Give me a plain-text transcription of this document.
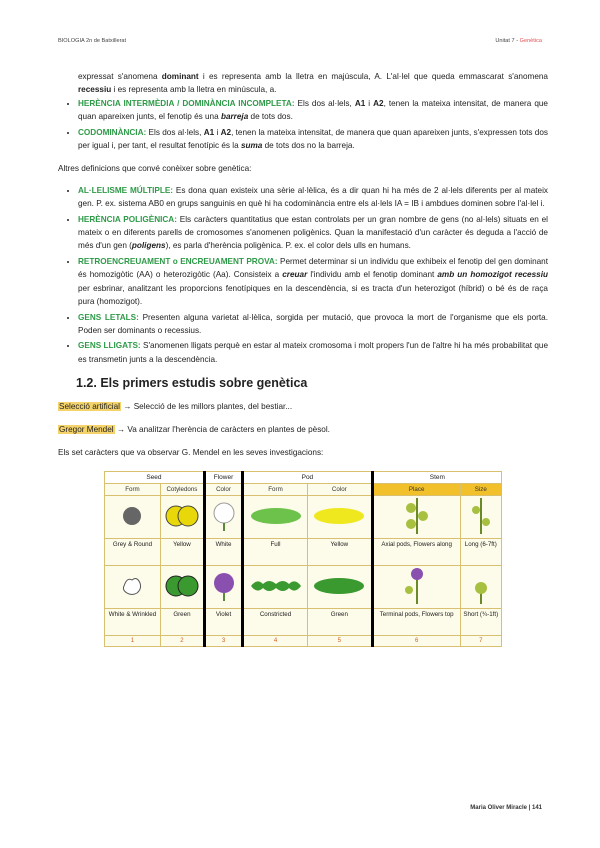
BIOLOGIA 2n de Batxillerat	Unitat 7 - Genètica

expressat s'anomena dominant i es representa amb la lletra en majúscula, A. L'al·lel que queda emmascarat s'anomena recessiu i es representa amb la lletra en minúscula, a.

• HERÈNCIA INTERMÈDIA / DOMINÀNCIA INCOMPLETA: Els dos al·lels, A1 i A2, tenen la mateixa intensitat, de manera que quan apareixen junts, el fenotip és una barreja de tots dos.
• CODOMINÀNCIA: Els dos al·lels, A1 i A2, tenen la mateixa intensitat, de manera que quan apareixen junts, s'expressen tots dos per igual i, per tant, el resultat fenotípic és la suma de tots dos no la barreja.

Altres definicions que convé conèixer sobre genètica:

• AL·LELISME MÚLTIPLE: Es dona quan existeix una sèrie al·lèlica, és a dir quan hi ha més de 2 al·lels diferents per al mateix gen. P. ex. sistema AB0 en grups sanguinis en què hi ha codominància entre els al·lels IA = IB i ambdues dominen sobre l'al·lel i.
• HERÈNCIA POLIGÈNICA: Els caràcters quantitatius que estan controlats per un gran nombre de gens (no al·lels) situats en el mateix o en diferents parells de cromosomes s'anomenen poligènics. Quan la manifestació d'un caràcter és deguda a l'acció de més d'un gen (poligens), es parla d'herència poligènica. P. ex. el color dels ulls en humans.
• RETROENCREUAMENT o ENCREUAMENT PROVA: Permet determinar si un individu que exhibeix el fenotip del gen dominant és homozigòtic (AA) o heterozigòtic (Aa). Consisteix a creuar l'individu amb el fenotip dominant amb un homozigot recessiu per esbrinar, analitzant les proporcions fenotípiques en la descendència, si es tracta d'un heterozigot (híbrid) o bé és de raça pura (homozigot).
• GENS LETALS: Presenten alguna varietat al·lèlica, sorgida per mutació, que provoca la mort de l'organisme que els porta. Poden ser dominants o recessius.
• GENS LLIGATS: S'anomenen lligats perquè en estar al mateix cromosoma i molt propers l'un de l'altre hi ha més probabilitat que es transmetin junts a la descendència.
1.2. Els primers estudis sobre genètica
Selecció artificial → Selecció de les millors plantes, del bestiar...
Gregor Mendel → Va analitzar l'herència de caràcters en plantes de pèsol.
Els set caràcters que va observar G. Mendel en les seves investigacions:
Seed		Flower	Pod		Stem	
Form	Cotyledons	Color	Form	Color	Place	Size

Grey & Round	Yellow	White	Full	Yellow	Axial pods, Flowers along	Long (6-7ft)

White & Wrinkled	Green	Violet	Constricted	Green	Terminal pods, Flowers top	Short (¾-1ft)
1	2	3	4	5	6	7
Maria Oliver Miracle | 141
